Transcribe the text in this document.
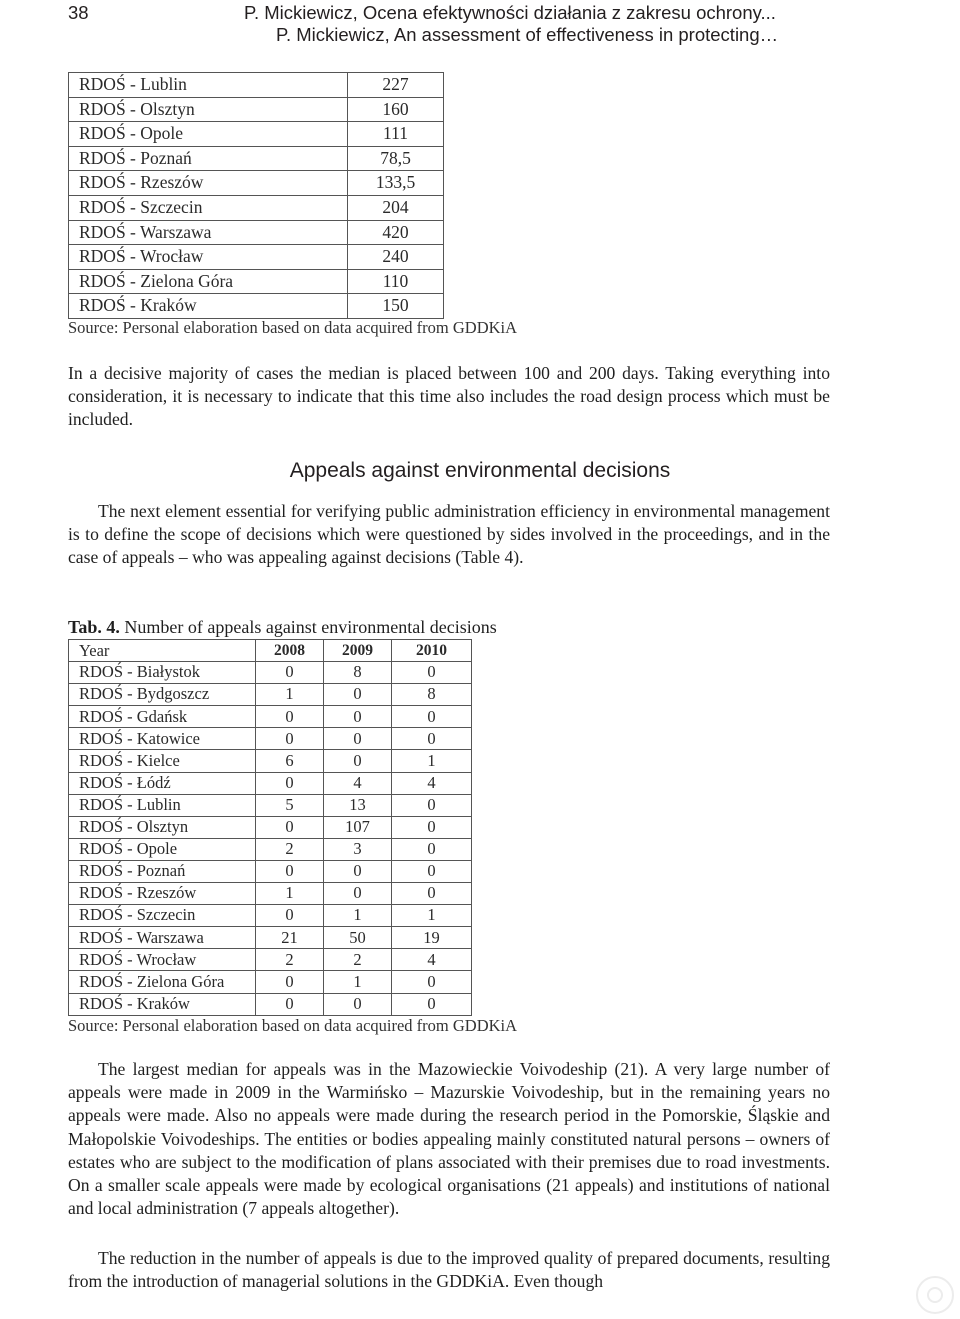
38	P. Mickiewicz, Ocena efektywności działania z zakresu ochrony...
P. Mickiewicz, An assessment of effectiveness in protecting…
RDOŚ - Lublin	227
RDOŚ - Olsztyn	160
RDOŚ - Opole	111
RDOŚ - Poznań	78,5
RDOŚ - Rzeszów	133,5
RDOŚ - Szczecin	204
RDOŚ - Warszawa	420
RDOŚ - Wrocław	240
RDOŚ - Zielona Góra	110
RDOŚ - Kraków	150
Source: Personal elaboration based on data acquired from GDDKiA
In a decisive majority of cases the median is placed between 100 and 200 days. Taking everything into consideration, it is necessary to indicate that this time also includes the road design process which must be included.
Appeals against environmental decisions
The next element essential for verifying public administration efficiency in environmental management is to define the scope of decisions which were questioned by sides involved in the proceedings, and in the case of appeals – who was appealing against decisions (Table 4).
Tab. 4. Number of appeals against environmental decisions
Year	2008	2009	2010
RDOŚ - Białystok	0	8	0
RDOŚ - Bydgoszcz	1	0	8
RDOŚ - Gdańsk	0	0	0
RDOŚ - Katowice	0	0	0
RDOŚ - Kielce	6	0	1
RDOŚ - Łódź	0	4	4
RDOŚ - Lublin	5	13	0
RDOŚ - Olsztyn	0	107	0
RDOŚ - Opole	2	3	0
RDOŚ - Poznań	0	0	0
RDOŚ - Rzeszów	1	0	0
RDOŚ - Szczecin	0	1	1
RDOŚ - Warszawa	21	50	19
RDOŚ - Wrocław	2	2	4
RDOŚ - Zielona Góra	0	1	0
RDOŚ - Kraków	0	0	0
Source: Personal elaboration based on data acquired from GDDKiA
The largest median for appeals was in the Mazowieckie Voivodeship (21). A very large number of appeals were made in 2009 in the Warmińsko – Mazurskie Voivodeship, but in the remaining years no appeals were made. Also no appeals were made during the research period in the Pomorskie, Śląskie and Małopolskie Voivodeships. The entities or bodies appealing mainly constituted natural persons – owners of estates who are subject to the modification of plans associated with their premises due to road investments. On a smaller scale appeals were made by ecological organisations (21 appeals) and institutions of national and local administration (7 appeals altogether).
The reduction in the number of appeals is due to the improved quality of prepared documents, resulting from the introduction of managerial solutions in the GDDKiA. Even though
